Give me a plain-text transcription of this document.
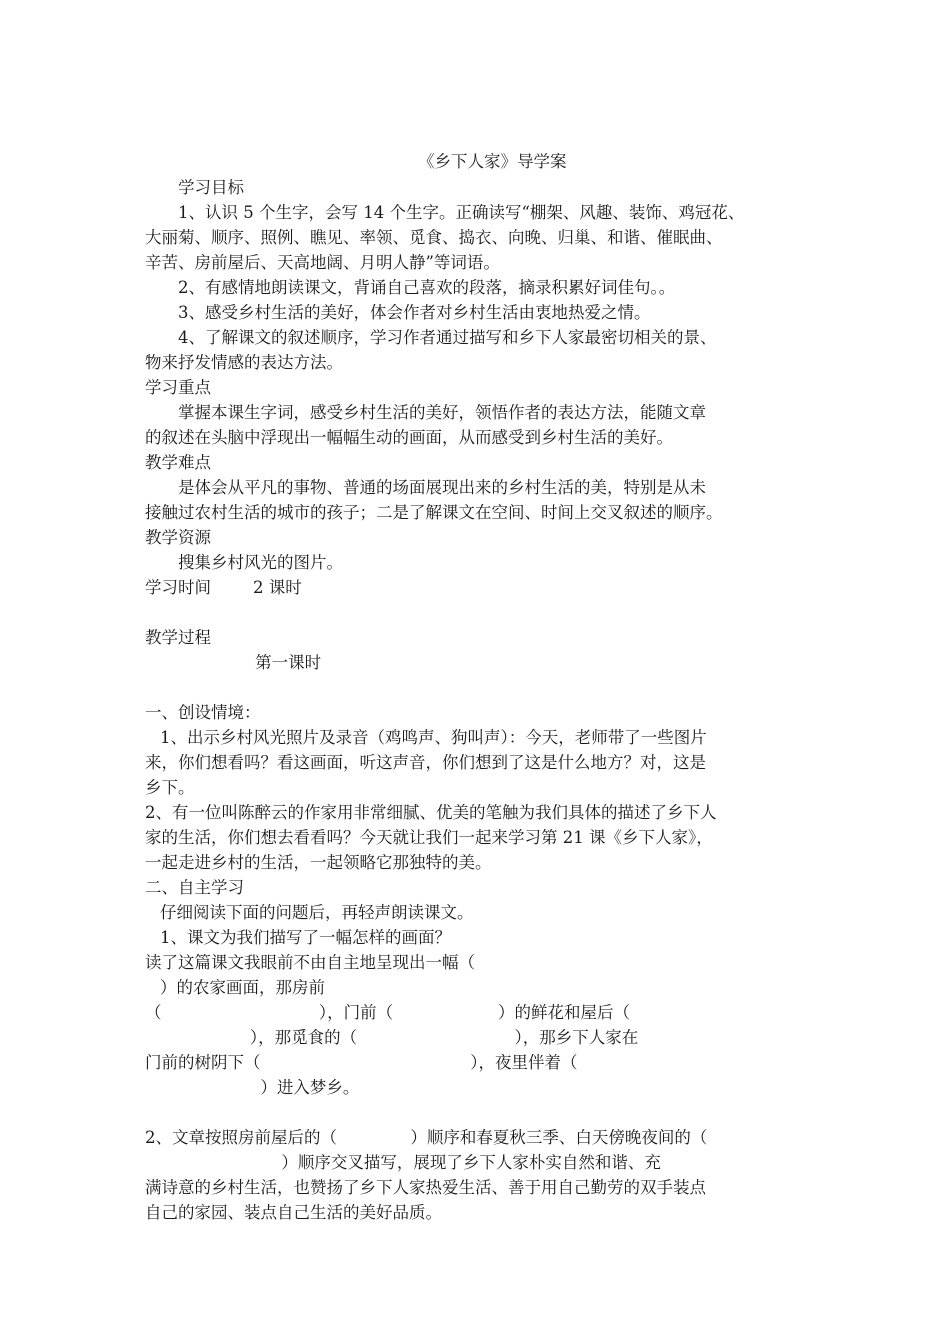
《乡下人家》导学案
学习目标
1、认识 5 个生字，会写 14 个生字。正确读写“棚架、风趣、装饰、鸡冠花、
大丽菊、顺序、照例、瞧见、率领、觅食、捣衣、向晚、归巢、和谐、催眠曲、
辛苦、房前屋后、天高地阔、月明人静”等词语。
2、有感情地朗读课文，背诵自己喜欢的段落，摘录积累好词佳句。。
3、感受乡村生活的美好，体会作者对乡村生活由衷地热爱之情。
4、了解课文的叙述顺序，学习作者通过描写和乡下人家最密切相关的景、
物来抒发情感的表达方法。
学习重点
掌握本课生字词，感受乡村生活的美好，领悟作者的表达方法，能随文章
的叙述在头脑中浮现出一幅幅生动的画面，从而感受到乡村生活的美好。
教学难点
是体会从平凡的事物、普通的场面展现出来的乡村生活的美，特别是从未
接触过农村生活的城市的孩子；二是了解课文在空间、时间上交叉叙述的顺序。
教学资源
搜集乡村风光的图片。
学习时间        2 课时
教学过程
第一课时
一、创设情境：
1、出示乡村风光照片及录音（鸡鸣声、狗叫声）：今天，老师带了一些图片
来，你们想看吗？看这画面，听这声音，你们想到了这是什么地方？对，这是
乡下。
2、有一位叫陈醉云的作家用非常细腻、优美的笔触为我们具体的描述了乡下人
家的生活，你们想去看看吗？今天就让我们一起来学习第 21 课《乡下人家》，
一起走进乡村的生活，一起领略它那独特的美。
二、自主学习
仔细阅读下面的问题后，再轻声朗读课文。
1、课文为我们描写了一幅怎样的画面？
读了这篇课文我眼前不由自主地呈现出一幅（
）的农家画面，那房前
（                              ），门前（                    ）的鲜花和屋后（
），那觅食的（                              ），那乡下人家在
门前的树阴下（                                        ），夜里伴着（
）进入梦乡。
2、文章按照房前屋后的（              ）顺序和春夏秋三季、白天傍晚夜间的（
）顺序交叉描写，展现了乡下人家朴实自然和谐、充
满诗意的乡村生活，也赞扬了乡下人家热爱生活、善于用自己勤劳的双手装点
自己的家园、装点自己生活的美好品质。
